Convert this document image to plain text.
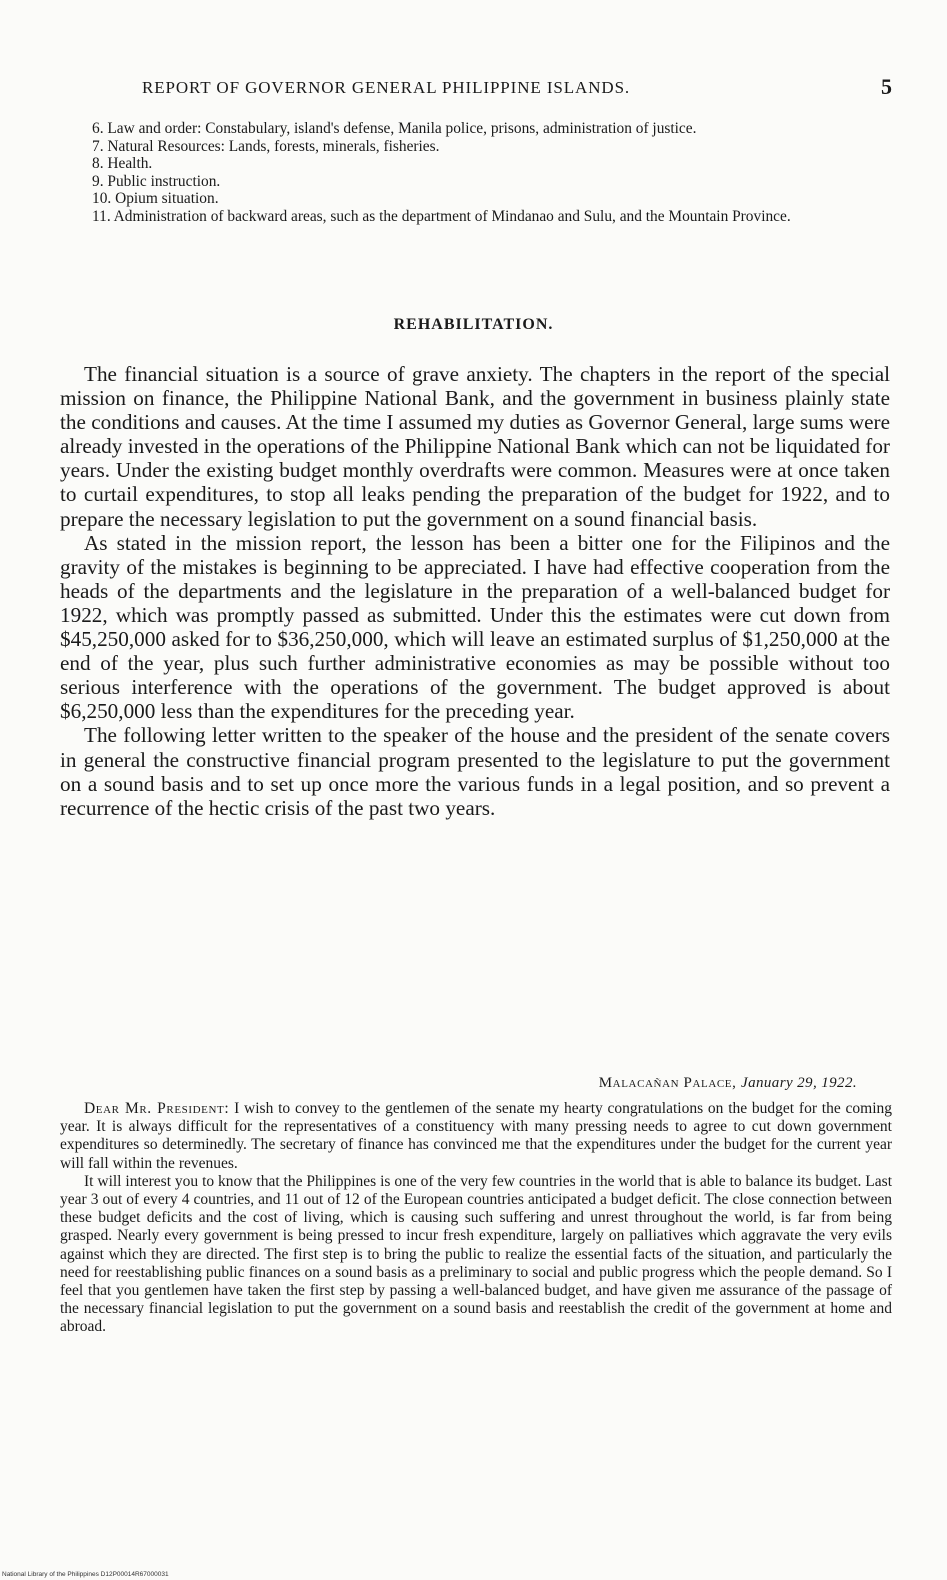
REPORT OF GOVERNOR GENERAL PHILIPPINE ISLANDS.	5

6. Law and order: Constabulary, island's defense, Manila police, prisons, administration of justice.

7. Natural Resources: Lands, forests, minerals, fisheries.

8. Health.

9. Public instruction.

10. Opium situation.

11. Administration of backward areas, such as the department of Mindanao and Sulu, and the Mountain Province.

REHABILITATION.

The financial situation is a source of grave anxiety. The chapters in the report of the special mission on finance, the Philippine National Bank, and the government in business plainly state the conditions and causes. At the time I assumed my duties as Governor General, large sums were already invested in the operations of the Philippine National Bank which can not be liquidated for years. Under the existing budget monthly overdrafts were common. Measures were at once taken to curtail expenditures, to stop all leaks pending the preparation of the budget for 1922, and to prepare the necessary legislation to put the government on a sound financial basis.

As stated in the mission report, the lesson has been a bitter one for the Filipinos and the gravity of the mistakes is beginning to be appreciated. I have had effective cooperation from the heads of the departments and the legislature in the preparation of a well-balanced budget for 1922, which was promptly passed as submitted. Under this the estimates were cut down from $45,250,000 asked for to $36,250,000, which will leave an estimated surplus of $1,250,000 at the end of the year, plus such further administrative economies as may be possible without too serious interference with the operations of the government. The budget approved is about $6,250,000 less than the expenditures for the preceding year.

The following letter written to the speaker of the house and the president of the senate covers in general the constructive financial program presented to the legislature to put the government on a sound basis and to set up once more the various funds in a legal position, and so prevent a recurrence of the hectic crisis of the past two years.

Malacañan Palace, January 29, 1922.

Dear Mr. President: I wish to convey to the gentlemen of the senate my hearty congratulations on the budget for the coming year. It is always difficult for the representatives of a constituency with many pressing needs to agree to cut down government expenditures so determinedly. The secretary of finance has convinced me that the expenditures under the budget for the current year will fall within the revenues.

It will interest you to know that the Philippines is one of the very few countries in the world that is able to balance its budget. Last year 3 out of every 4 countries, and 11 out of 12 of the European countries anticipated a budget deficit. The close connection between these budget deficits and the cost of living, which is causing such suffering and unrest throughout the world, is far from being grasped. Nearly every government is being pressed to incur fresh expenditure, largely on palliatives which aggravate the very evils against which they are directed. The first step is to bring the public to realize the essential facts of the situation, and particularly the need for reestablishing public finances on a sound basis as a preliminary to social and public progress which the people demand. So I feel that you gentlemen have taken the first step by passing a well-balanced budget, and have given me assurance of the passage of the necessary financial legislation to put the government on a sound basis and reestablish the credit of the government at home and abroad.

National Library of the Philippines D12P00014R67000031
